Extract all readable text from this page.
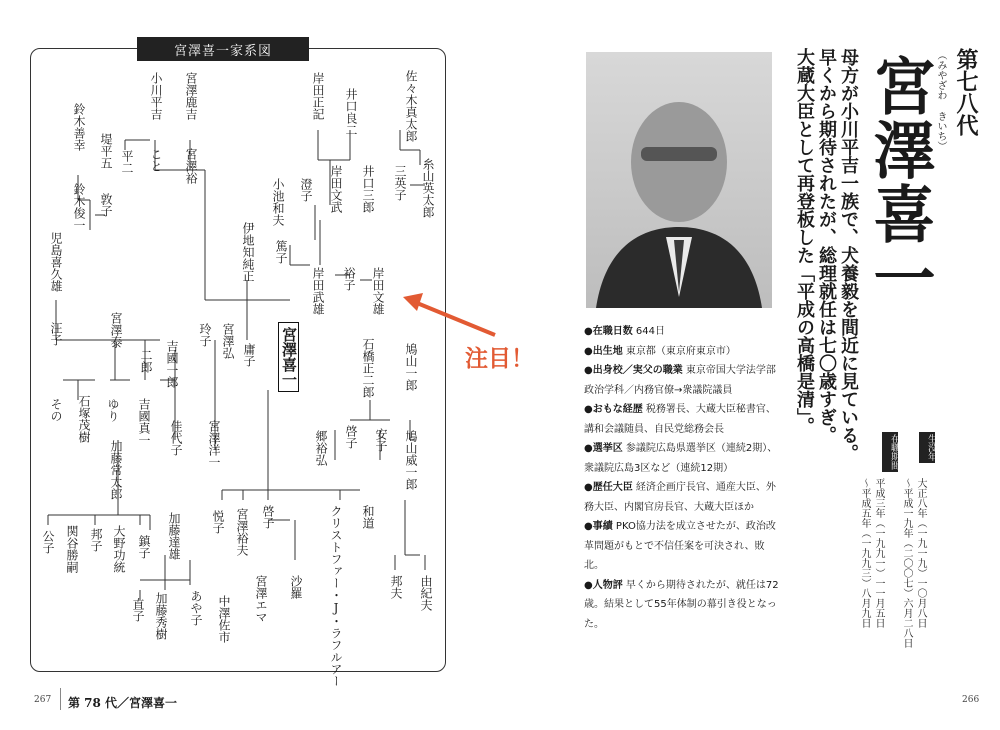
宮澤喜一家系図
小川平吉 宮澤鹿吉	岸田正記 井口良二	佐々木真太郎
鈴木善幸 堤平五 平二 こと 宮澤裕
澄子 岸田文武 井口三郎 三英子 糸山英太郎
鈴木俊一 敦子	小池和夫
伊地知純正 篤子
岸田武雄 裕子 岸田文雄
児島喜久雄
汪子	宮澤泰
吉國一郎
二郎
玲子 宮澤弘 庸子 宮澤喜一	石橋正二郎 鳩山一郎
その 石塚茂樹 ゆり 吉國真一 佳代子 宮澤洋一	啓子 安子
郷裕弘	鳩山威一郎
加藤常太郎
公子 関谷勝嗣 邦子 大野功統 鎮子 加藤達雄	悦子 宮澤裕夫 啓子	クリストファー・J・ラフルアー 和道
直子 加藤秀樹 あや子 中澤佐市 宮澤エマ 沙羅	邦夫 由紀夫
注目！

●在職日数 644日

●出生地 東京都（東京府東京市）

●出身校／実父の職業 東京帝国大学法学部政治学科／内務官僚→衆議院議員

●おもな経歴 税務署長、大蔵大臣秘書官、講和会議随員、自民党総務会長

●選挙区 参議院広島県選挙区（連続2期）、衆議院広島3区など（連続12期）

●歴任大臣 経済企画庁長官、通産大臣、外務大臣、内閣官房長官、大蔵大臣ほか

●事績 PKO協力法を成立させたが、政治改革問題がもとで不信任案を可決され、敗北。

●人物評 早くから期待されたが、就任は72歳。結果として55年体制の幕引き役となった。

第七八代
（みやざわ きいち）
宮澤喜一
母方が小川平吉一族で、犬養毅を間近に見ている。
早くから期待されたが、総理就任は七〇歳すぎ。
大蔵大臣として再登板した「平成の高橋是清」。
生没年
大正八年（一九一九）一〇月八日
〜平成一九年（二〇〇七）六月二八日
在職期間
平成三年（一九九一）一一月五日
〜平成五年（一九九三）八月九日
267 第 78 代／宮澤喜一	266
